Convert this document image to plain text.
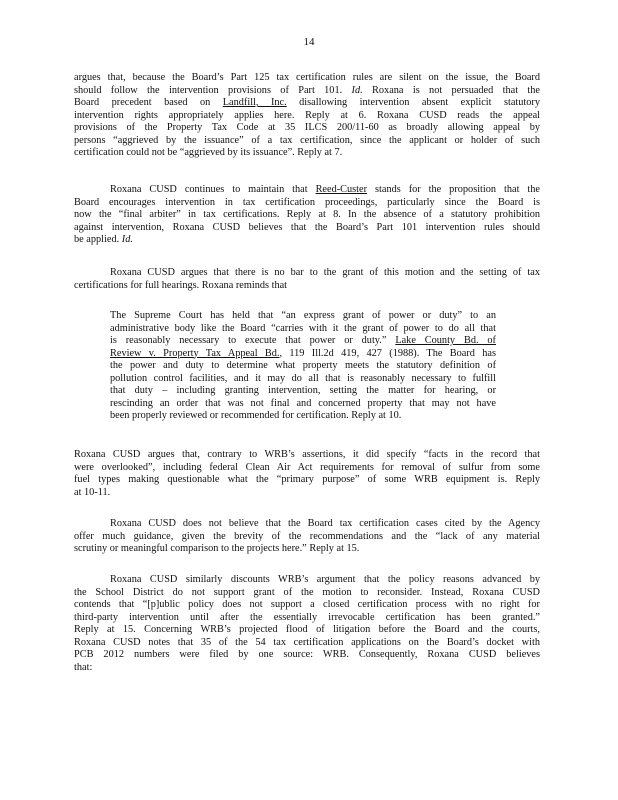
14
argues that, because the Board’s Part 125 tax certification rules are silent on the issue, the Board
should follow the intervention provisions of Part 101. Id. Roxana is not persuaded that the
Board precedent based on Landfill, Inc. disallowing intervention absent explicit statutory
intervention rights appropriately applies here. Reply at 6. Roxana CUSD reads the appeal
provisions of the Property Tax Code at 35 ILCS 200/11-60 as broadly allowing appeal by
persons “aggrieved by the issuance” of a tax certification, since the applicant or holder of such
certification could not be “aggrieved by its issuance”. Reply at 7.
Roxana CUSD continues to maintain that Reed-Custer stands for the proposition that the
Board encourages intervention in tax certification proceedings, particularly since the Board is
now the “final arbiter” in tax certifications. Reply at 8. In the absence of a statutory prohibition
against intervention, Roxana CUSD believes that the Board’s Part 101 intervention rules should
be applied. Id.
Roxana CUSD argues that there is no bar to the grant of this motion and the setting of tax
certifications for full hearings. Roxana reminds that
The Supreme Court has held that “an express grant of power or duty” to an
administrative body like the Board “carries with it the grant of power to do all that
is reasonably necessary to execute that power or duty.” Lake County Bd. of
Review v. Property Tax Appeal Bd., 119 Ill.2d 419, 427 (1988). The Board has
the power and duty to determine what property meets the statutory definition of
pollution control facilities, and it may do all that is reasonably necessary to fulfill
that duty – including granting intervention, setting the matter for hearing, or
rescinding an order that was not final and concerned property that may not have
been properly reviewed or recommended for certification. Reply at 10.
Roxana CUSD argues that, contrary to WRB’s assertions, it did specify “facts in the record that
were overlooked”, including federal Clean Air Act requirements for removal of sulfur from some
fuel types making questionable what the “primary purpose” of some WRB equipment is. Reply
at 10-11.
Roxana CUSD does not believe that the Board tax certification cases cited by the Agency
offer much guidance, given the brevity of the recommendations and the “lack of any material
scrutiny or meaningful comparison to the projects here.” Reply at 15.
Roxana CUSD similarly discounts WRB’s argument that the policy reasons advanced by
the School District do not support grant of the motion to reconsider. Instead, Roxana CUSD
contends that “[p]ublic policy does not support a closed certification process with no right for
third-party intervention until after the essentially irrevocable certification has been granted.”
Reply at 15. Concerning WRB’s projected flood of litigation before the Board and the courts,
Roxana CUSD notes that 35 of the 54 tax certification applications on the Board’s docket with
PCB 2012 numbers were filed by one source: WRB. Consequently, Roxana CUSD believes
that:
